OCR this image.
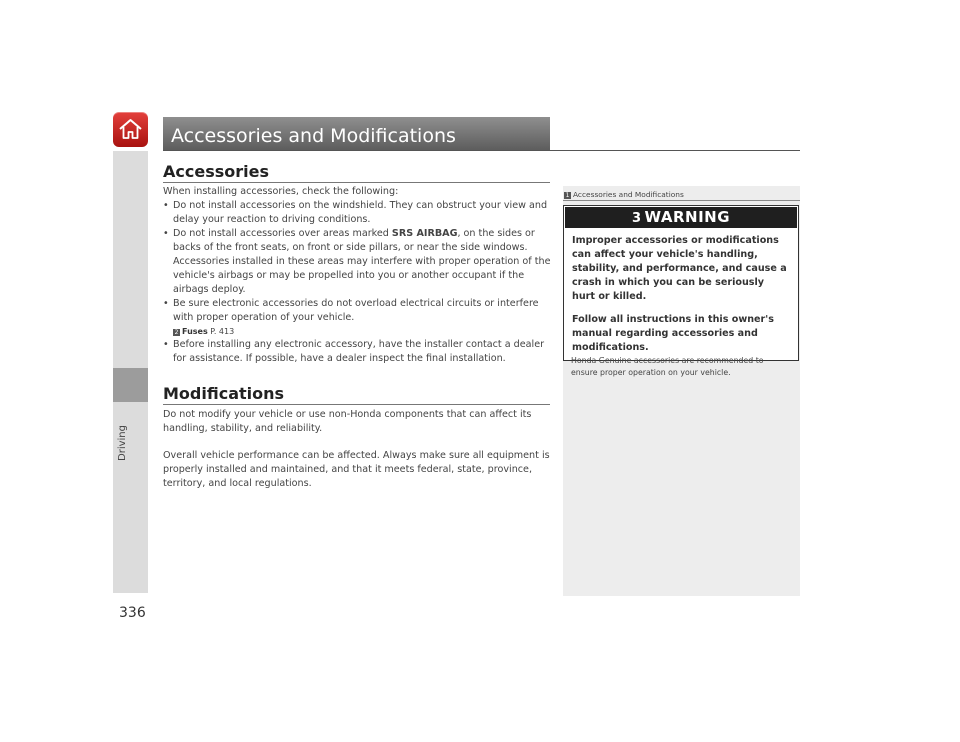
Driving
Accessories and Modifications
Accessories

When installing accessories, check the following:

• Do not install accessories on the windshield. They can obstruct your view and delay your reaction to driving conditions.

• Do not install accessories over areas marked SRS AIRBAG, on the sides or backs of the front seats, on front or side pillars, or near the side windows.

Accessories installed in these areas may interfere with proper operation of the vehicle's airbags or may be propelled into you or another occupant if the airbags deploy.

• Be sure electronic accessories do not overload electrical circuits or interfere with proper operation of your vehicle.

2 Fuses P. 413

• Before installing any electronic accessory, have the installer contact a dealer for assistance. If possible, have a dealer inspect the final installation.

Modifications

Do not modify your vehicle or use non-Honda components that can affect its handling, stability, and reliability.

Overall vehicle performance can be affected. Always make sure all equipment is properly installed and maintained, and that it meets federal, state, province, territory, and local regulations.

1 Accessories and Modifications
3 WARNING

Improper accessories or modifications can affect your vehicle's handling, stability, and performance, and cause a crash in which you can be seriously hurt or killed.

Follow all instructions in this owner's manual regarding accessories and modifications.

Honda Genuine accessories are recommended to ensure proper operation on your vehicle.
336
